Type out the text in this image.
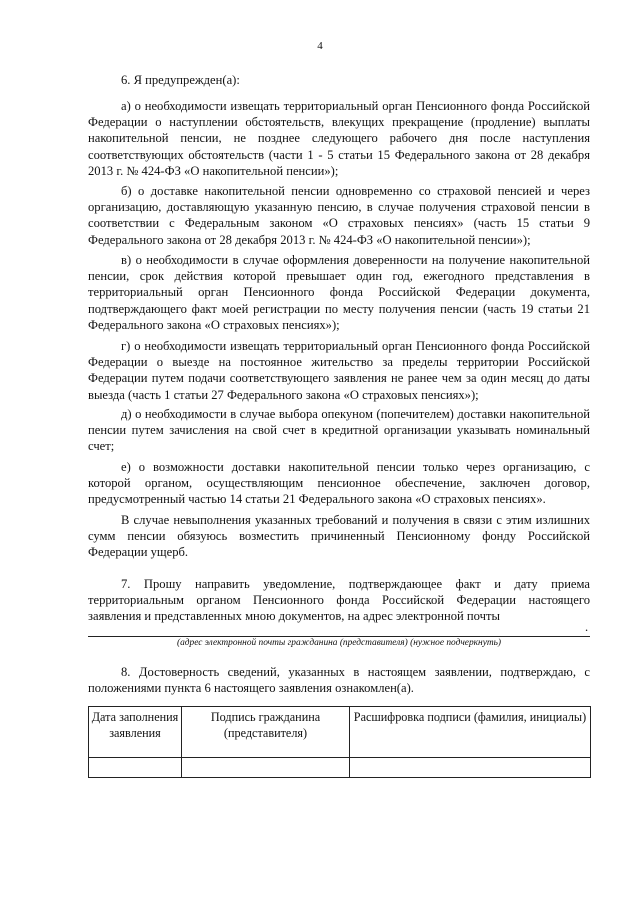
4
6. Я предупрежден(а):
а) о необходимости извещать территориальный орган Пенсионного фонда Российской Федерации о наступлении обстоятельств, влекущих прекращение (продление) выплаты накопительной пенсии, не позднее следующего рабочего дня после наступления соответствующих обстоятельств (части 1 - 5 статьи 15 Федерального закона от 28 декабря 2013 г. № 424-ФЗ «О накопительной пенсии»);
б) о доставке накопительной пенсии одновременно со страховой пенсией и через организацию, доставляющую указанную пенсию, в случае получения страховой пенсии в соответствии с Федеральным законом «О страховых пенсиях» (часть 15 статьи 9 Федерального закона от 28 декабря 2013 г. № 424-ФЗ «О накопительной пенсии»);
в) о необходимости в случае оформления доверенности на получение накопительной пенсии, срок действия которой превышает один год, ежегодного представления в территориальный орган Пенсионного фонда Российской Федерации документа, подтверждающего факт моей регистрации по месту получения пенсии (часть 19 статьи 21 Федерального закона «О страховых пенсиях»);
г) о необходимости извещать территориальный орган Пенсионного фонда Российской Федерации о выезде на постоянное жительство за пределы территории Российской Федерации путем подачи соответствующего заявления не ранее чем за один месяц до даты выезда (часть 1 статьи 27 Федерального закона «О страховых пенсиях»);
д) о необходимости в случае выбора опекуном (попечителем) доставки накопительной пенсии путем зачисления на свой счет в кредитной организации указывать номинальный счет;
е) о возможности доставки накопительной пенсии только через организацию, с которой органом, осуществляющим пенсионное обеспечение, заключен договор, предусмотренный частью 14 статьи 21 Федерального закона «О страховых пенсиях».
В случае невыполнения указанных требований и получения в связи с этим излишних сумм пенсии обязуюсь возместить причиненный Пенсионному фонду Российской Федерации ущерб.
7. Прошу направить уведомление, подтверждающее факт и дату приема территориальным органом Пенсионного фонда Российской Федерации настоящего заявления и представленных мною документов, на адрес электронной почты
.
(адрес электронной почты гражданина (представителя) (нужное подчеркнуть)
8. Достоверность сведений, указанных в настоящем заявлении, подтверждаю, с положениями пункта 6 настоящего заявления ознакомлен(а).
Дата заполнения заявления	Подпись гражданина (представителя)	Расшифровка подписи (фамилия, инициалы)
